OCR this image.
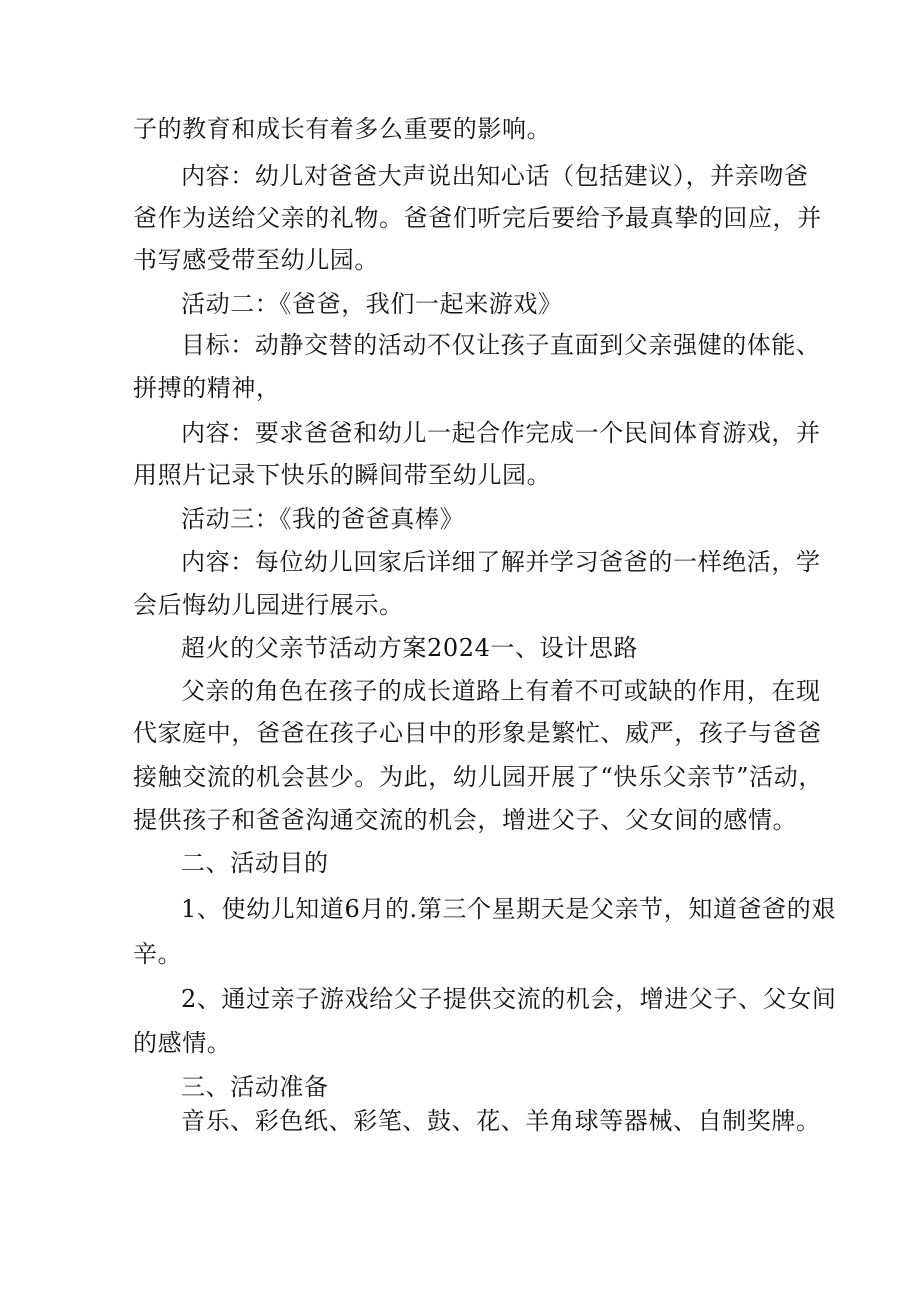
子的教育和成长有着多么重要的影响。
内容：幼儿对爸爸大声说出知心话（包括建议），并亲吻爸
爸作为送给父亲的礼物。爸爸们听完后要给予最真挚的回应，并
书写感受带至幼儿园。
活动二：《爸爸，我们一起来游戏》
目标：动静交替的活动不仅让孩子直面到父亲强健的体能、
拼搏的精神，
内容：要求爸爸和幼儿一起合作完成一个民间体育游戏，并
用照片记录下快乐的瞬间带至幼儿园。
活动三：《我的爸爸真棒》
内容：每位幼儿回家后详细了解并学习爸爸的一样绝活，学
会后悔幼儿园进行展示。
超火的父亲节活动方案2024一、设计思路
父亲的角色在孩子的成长道路上有着不可或缺的作用，在现
代家庭中，爸爸在孩子心目中的形象是繁忙、威严，孩子与爸爸
接触交流的机会甚少。为此，幼儿园开展了“快乐父亲节”活动，
提供孩子和爸爸沟通交流的机会，增进父子、父女间的感情。
二、活动目的
1、使幼儿知道6月的.第三个星期天是父亲节，知道爸爸的艰
辛。
2、通过亲子游戏给父子提供交流的机会，增进父子、父女间
的感情。
三、活动准备
音乐、彩色纸、彩笔、鼓、花、羊角球等器械、自制奖牌。
